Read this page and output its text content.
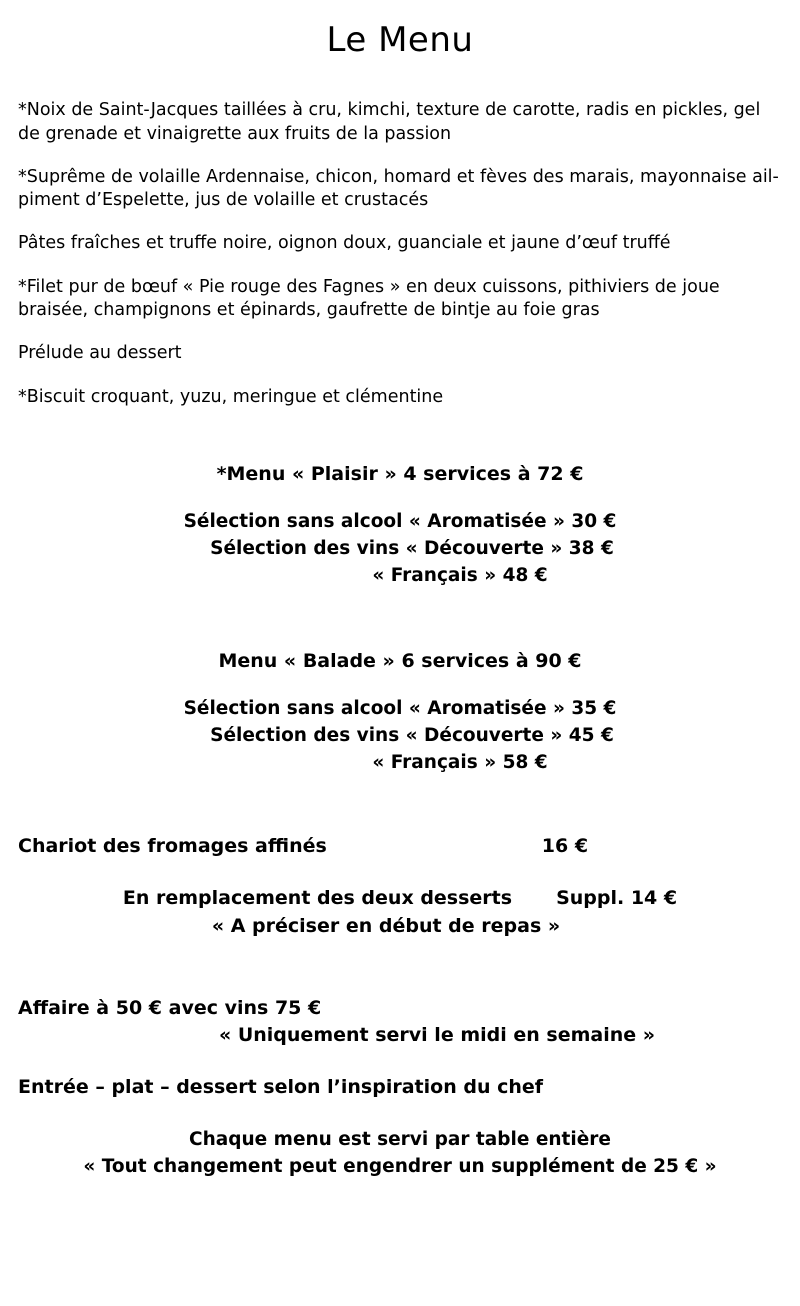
Le Menu
*Noix de Saint-Jacques taillées à cru, kimchi, texture de carotte, radis en pickles, gel de grenade et vinaigrette aux fruits de la passion
*Suprême de volaille Ardennaise, chicon, homard et fèves des marais, mayonnaise ail-piment d’Espelette, jus de volaille et crustacés
Pâtes fraîches et truffe noire, oignon doux, guanciale et jaune d’œuf truffé
*Filet pur de bœuf « Pie rouge des Fagnes » en deux cuissons, pithiviers de joue braisée, champignons et épinards, gaufrette de bintje au foie gras
Prélude au dessert
*Biscuit croquant, yuzu, meringue et clémentine
*Menu « Plaisir » 4 services à 72 €
Sélection sans alcool « Aromatisée » 30 €
Sélection des vins « Découverte » 38 €
« Français » 48 €
Menu « Balade » 6 services à 90 €
Sélection sans alcool « Aromatisée » 35 €
Sélection des vins « Découverte » 45 €
« Français » 58 €
Chariot des fromages affinés	16 €
En remplacement des deux desserts Suppl. 14 €
« A préciser en début de repas »
Affaire à 50 € avec vins 75 €
« Uniquement servi le midi en semaine »
Entrée – plat – dessert selon l’inspiration du chef
Chaque menu est servi par table entière
« Tout changement peut engendrer un supplément de 25 € »
